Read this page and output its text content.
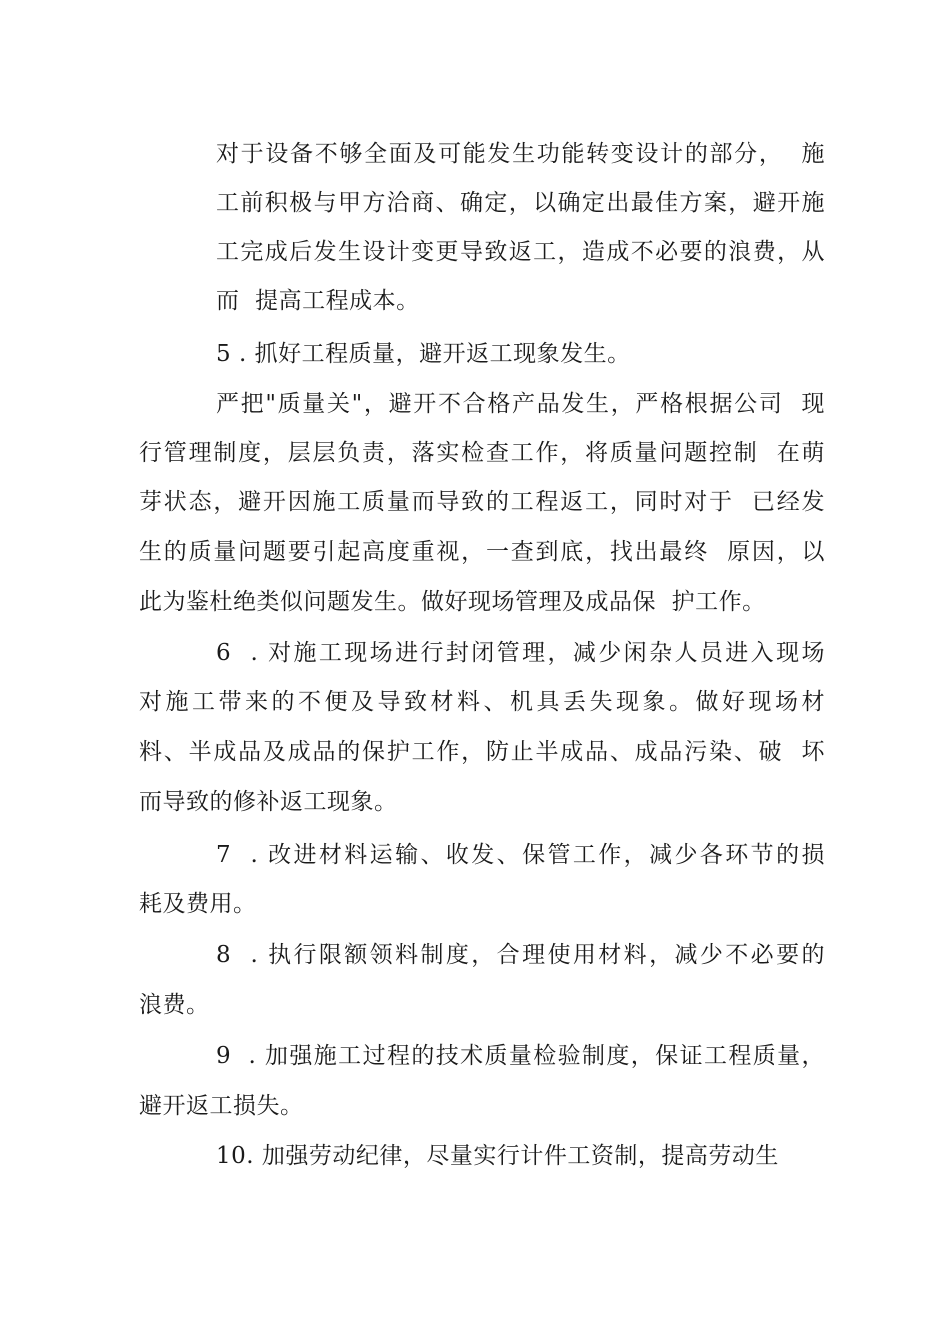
对于设备不够全面及可能发生功能转变设计的部分，  施
工前积极与甲方洽商、确定，以确定出最佳方案，避开施
工完成后发生设计变更导致返工，造成不必要的浪费，从
而  提高工程成本。
5 . 抓好工程质量，避开返工现象发生。
严把"质量关"，避开不合格产品发生，严格根据公司  现
行管理制度，层层负责，落实检查工作，将质量问题控制  在萌
芽状态，避开因施工质量而导致的工程返工，同时对于  已经发
生的质量问题要引起高度重视，一查到底，找出最终  原因，以
此为鉴杜绝类似问题发生。做好现场管理及成品保  护工作。
6  . 对施工现场进行封闭管理，减少闲杂人员进入现场
对施工带来的不便及导致材料、机具丢失现象。做好现场材
料、半成品及成品的保护工作，防止半成品、成品污染、破  坏
而导致的修补返工现象。
7  . 改进材料运输、收发、保管工作，减少各环节的损
耗及费用。
8  . 执行限额领料制度，合理使用材料，减少不必要的
浪费。
9  . 加强施工过程的技术质量检验制度，保证工程质量，
避开返工损失。
10. 加强劳动纪律，尽量实行计件工资制，提高劳动生
